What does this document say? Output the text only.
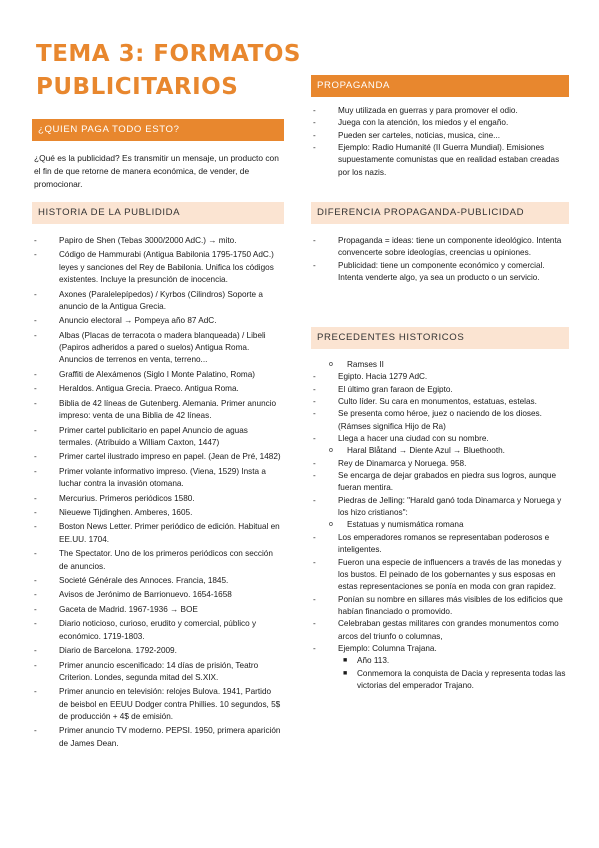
TEMA 3: FORMATOS PUBLICITARIOS
¿QUIEN PAGA TODO ESTO?

¿Qué es la publicidad? Es transmitir un mensaje, un producto con el fin de que retorne de manera económica, de vender, de promocionar.

HISTORIA DE LA PUBLIDIDA
-	Papiro de Shen (Tebas 3000/2000 AdC.) → mito.
-	Código de Hammurabi (Antigua Babilonia 1795-1750 AdC.) leyes y sanciones del Rey de Babilonia. Unifica los códigos existentes. Incluye la presunción de inocencia.
-	Axones (Paralelepípedos) / Kyrbos (Cilindros) Soporte a anuncio de la Antigua Grecia.
-	Anuncio electoral → Pompeya año 87 AdC.
-	Albas (Placas de terracota o madera blanqueada) / Libeli (Papiros adheridos a pared o suelos) Antigua Roma. Anuncios de terrenos en venta, terreno...
-	Graffiti de Alexámenos (Siglo I Monte Palatino, Roma)
-	Heraldos. Antigua Grecia. Praeco. Antigua Roma.
-	Biblia de 42 líneas de Gutenberg. Alemania. Primer anuncio impreso: venta de una Biblia de 42 líneas.
-	Primer cartel publicitario en papel Anuncio de aguas termales. (Atribuido a William Caxton, 1447)
-	Primer cartel ilustrado impreso en papel. (Jean de Pré, 1482)
-	Primer volante informativo impreso. (Viena, 1529) Insta a luchar contra la invasión otomana.
-	Mercurius. Primeros periódicos 1580.
-	Nieuewe Tijdinghen. Amberes, 1605.
-	Boston News Letter. Primer periódico de edición. Habitual en EE.UU. 1704.
-	The Spectator. Uno de los primeros periódicos con sección de anuncios.
-	Societé Générale des Annoces. Francia, 1845.
-	Avisos de Jerónimo de Barrionuevo. 1654-1658
-	Gaceta de Madrid. 1967-1936 → BOE
-	Diario noticioso, curioso, erudito y comercial, público y económico. 1719-1803.
-	Diario de Barcelona. 1792-2009.
-	Primer anuncio escenificado: 14 días de prisión, Teatro Criterion. Londes, segunda mitad del S.XIX.
-	Primer anuncio en televisión: relojes Bulova. 1941, Partido de beisbol en EEUU Dodger contra Phillies. 10 segundos, 5$ de producción + 4$ de emisión.
-	Primer anuncio TV moderno. PEPSI. 1950, primera aparición de James Dean.
PROPAGANDA
-	Muy utilizada en guerras y para promover el odio.
-	Juega con la atención, los miedos y el engaño.
-	Pueden ser carteles, noticias, musica, cine...
-	Ejemplo: Radio Humanité (II Guerra Mundial). Emisiones supuestamente comunistas que en realidad estaban creadas por los nazis.
DIFERENCIA PROPAGANDA-PUBLICIDAD
-	Propaganda = ideas: tiene un componente ideológico. Intenta convencerte sobre ideologías, creencias u opiniones.
-	Publicidad: tiene un componente económico y comercial. Intenta venderte algo, ya sea un producto o un servicio.
PRECEDENTES HISTORICOS
o Ramses II
-	Egipto. Hacia 1279 AdC.
-	El último gran faraon de Egipto.
-	Culto líder. Su cara en monumentos, estatuas, estelas.
-	Se presenta como héroe, juez o naciendo de los dioses.
(Rámses significa Hijo de Ra)
-	Llega a hacer una ciudad con su nombre.
o Haral Blåtand → Diente Azul → Bluethooth.
-	Rey de Dinamarca y Noruega. 958.
-	Se encarga de dejar grabados en piedra sus logros, aunque fueran mentira.
-	Piedras de Jelling: "Harald ganó toda Dinamarca y Noruega y los hizo cristianos":
o Estatuas y numismática romana
-	Los emperadores romanos se representaban poderosos e inteligentes.
-	Fueron una especie de influencers a través de las monedas y los bustos. El peinado de los gobernantes y sus esposas en estas representaciones se ponía en moda con gran rapidez.
-	Ponían su nombre en sillares más visibles de los edificios que habían financiado o promovido.
-	Celebraban gestas militares con grandes monumentos como arcos del triunfo o columnas,
-	Ejemplo: Columna Trajana.
■ Año 113.
■ Conmemora la conquista de Dacia y representa todas las victorias del emperador Trajano.
